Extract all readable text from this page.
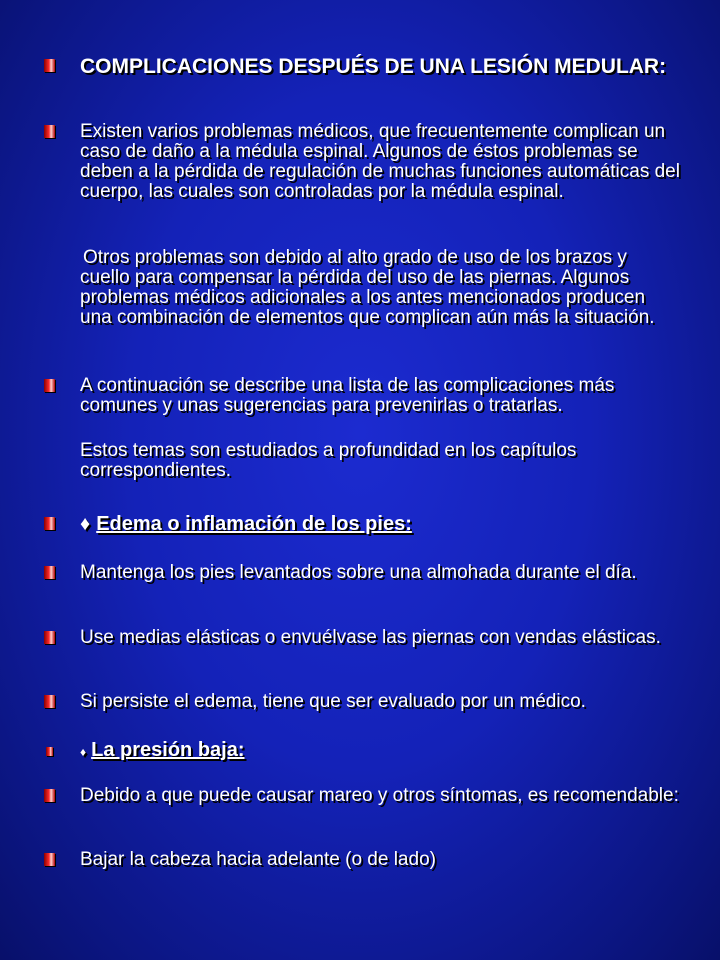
COMPLICACIONES DESPUÉS DE UNA LESIÓN MEDULAR:
Existen varios problemas médicos, que frecuentemente complican un caso de daño a la médula espinal. Algunos de éstos problemas se deben a la pérdida de regulación de muchas funciones automáticas del cuerpo, las cuales son controladas por la médula espinal.
Otros problemas son debido al alto grado de uso de los brazos y cuello para compensar la pérdida del uso de las piernas. Algunos problemas médicos adicionales a los antes mencionados producen una combinación de elementos que complican aún más la situación.
A continuación se describe una lista de las complicaciones más comunes y unas sugerencias para prevenirlas o tratarlas.
Estos temas son estudiados a profundidad en los capítulos correspondientes.
♦ Edema o inflamación de los pies:
Mantenga los pies levantados sobre una almohada durante el día.
Use medias elásticas o envuélvase las piernas con vendas elásticas.
Si persiste el edema, tiene que ser evaluado por un médico.
♦ La presión baja:
Debido a que puede causar mareo y otros síntomas, es recomendable:
Bajar la cabeza hacia adelante (o de lado)
